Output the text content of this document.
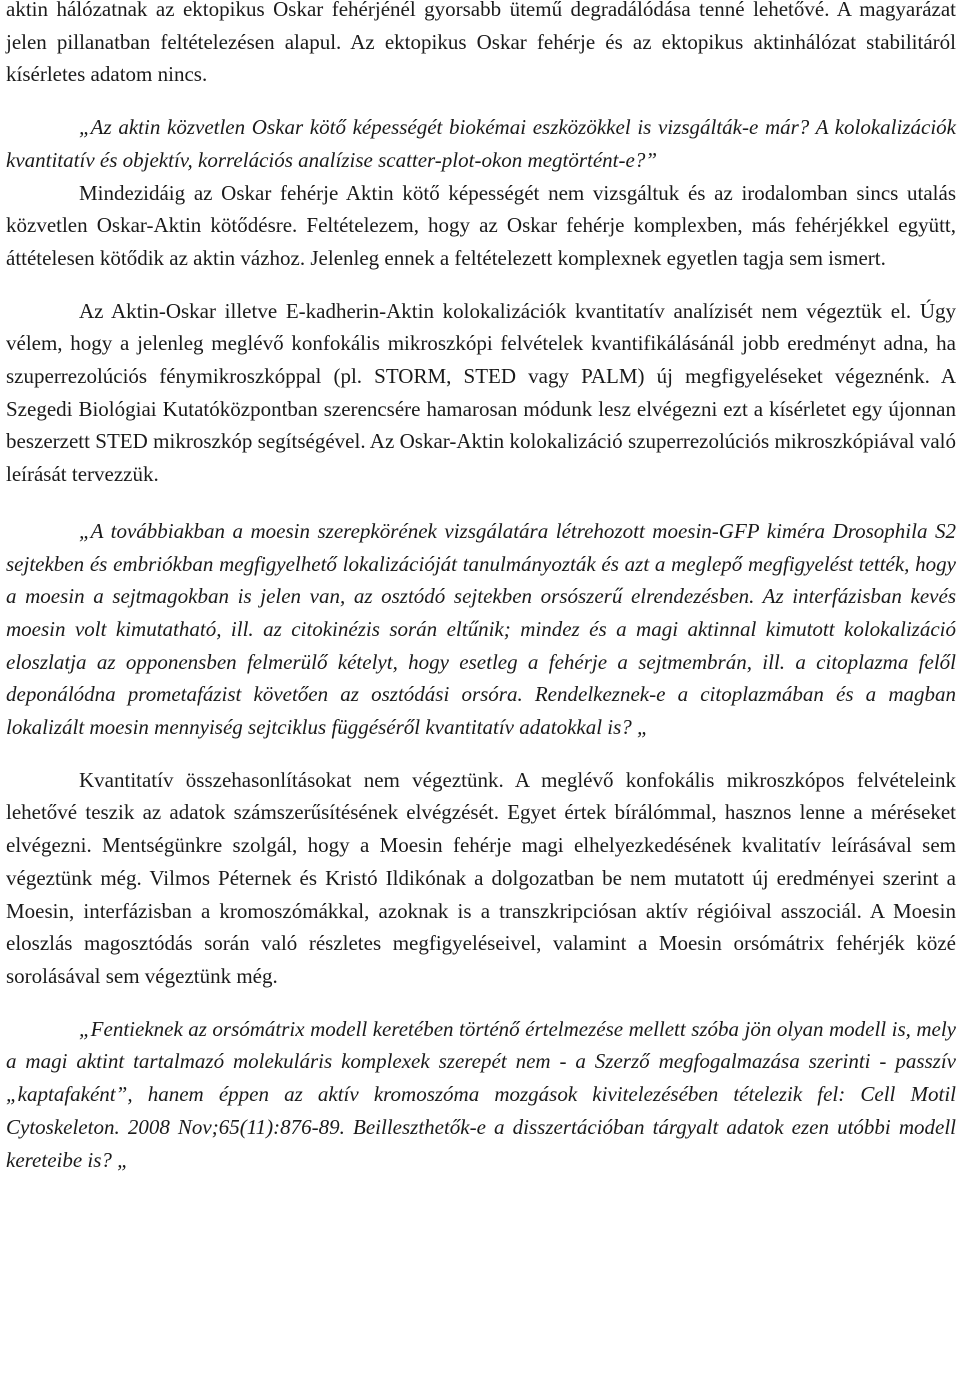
aktin hálózatnak az ektopikus Oskar fehérjénél gyorsabb ütemű degradálódása tenné lehetővé. A magyarázat jelen pillanatban feltételezésen alapul. Az ektopikus Oskar fehérje és az ektopikus aktinhálózat stabilitáról kísérletes adatom nincs.

„Az aktin közvetlen Oskar kötő képességét biokémai eszközökkel is vizsgálták-e már? A kolokalizációk kvantitatív és objektív, korrelációs analízise scatter-plot-okon megtörtént-e?”

Mindezidáig az Oskar fehérje Aktin kötő képességét nem vizsgáltuk és az irodalomban sincs utalás közvetlen Oskar-Aktin kötődésre. Feltételezem, hogy az Oskar fehérje komplexben, más fehérjékkel együtt, áttételesen kötődik az aktin vázhoz. Jelenleg ennek a feltételezett komplexnek egyetlen tagja sem ismert.

Az Aktin-Oskar illetve E-kadherin-Aktin kolokalizációk kvantitatív analízisét nem végeztük el. Úgy vélem, hogy a jelenleg meglévő konfokális mikroszkópi felvételek kvantifikálásánál jobb eredményt adna, ha szuperrezolúciós fénymikroszkóppal (pl. STORM, STED vagy PALM) új megfigyeléseket végeznénk. A Szegedi Biológiai Kutatóközpontban szerencsére hamarosan módunk lesz elvégezni ezt a kísérletet egy újonnan beszerzett STED mikroszkóp segítségével. Az Oskar-Aktin kolokalizáció szuperrezolúciós mikroszkópiával való leírását tervezzük.

„A továbbiakban a moesin szerepkörének vizsgálatára létrehozott moesin-GFP kiméra Drosophila S2 sejtekben és embriókban megfigyelhető lokalizációját tanulmányozták és azt a meglepő megfigyelést tették, hogy a moesin a sejtmagokban is jelen van, az osztódó sejtekben orsószerű elrendezésben. Az interfázisban kevés moesin volt kimutatható, ill. az citokinézis során eltűnik; mindez és a magi aktinnal kimutott kolokalizáció eloszlatja az opponensben felmerülő kételyt, hogy esetleg a fehérje a sejtmembrán, ill. a citoplazma felől deponálódna prometafázist követően az osztódási orsóra. Rendelkeznek-e a citoplazmában és a magban lokalizált moesin mennyiség sejtciklus függéséről kvantitatív adatokkal is? „

Kvantitatív összehasonlításokat nem végeztünk. A meglévő konfokális mikroszkópos felvételeink lehetővé teszik az adatok számszerűsítésének elvégzését. Egyet értek bírálómmal, hasznos lenne a méréseket elvégezni. Mentségünkre szolgál, hogy a Moesin fehérje magi elhelyezkedésének kvalitatív leírásával sem végeztünk még. Vilmos Péternek és Kristó Ildikónak a dolgozatban be nem mutatott új eredményei szerint a Moesin, interfázisban a kromoszómákkal, azoknak is a transzkripciósan aktív régióival asszociál. A Moesin eloszlás magosztódás során való részletes megfigyeléseivel, valamint a Moesin orsómátrix fehérjék közé sorolásával sem végeztünk még.

„Fentieknek az orsómátrix modell keretében történő értelmezése mellett szóba jön olyan modell is, mely a magi aktint tartalmazó molekuláris komplexek szerepét nem - a Szerző megfogalmazása szerinti - passzív „kaptafaként”, hanem éppen az aktív kromoszóma mozgások kivitelezésében tételezik fel: Cell Motil Cytoskeleton. 2008 Nov;65(11):876-89. Beilleszthetők-e a disszertációban tárgyalt adatok ezen utóbbi modell kereteibe is? „
